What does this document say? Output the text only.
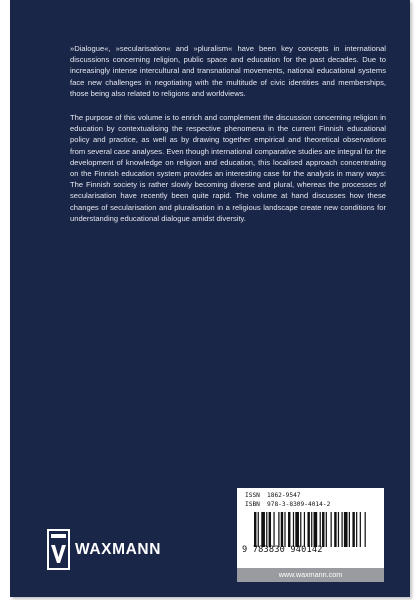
»Dialogue«, »secularisation« and »pluralism« have been key concepts in international discussions concerning religion, public space and education for the past decades. Due to increasingly intense intercultural and transnational movements, national educational systems face new challenges in negotiating with the multitude of civic identities and memberships, those being also related to religions and worldviews.

The purpose of this volume is to enrich and complement the discussion concerning religion in education by contextualising the respective phenomena in the current Finnish educational policy and practice, as well as by drawing together empirical and theoretical observations from several case analyses. Even though international comparative studies are integral for the development of knowledge on religion and education, this localised approach concentrating on the Finnish education system provides an interesting case for the analysis in many ways: The Finnish society is rather slowly becoming diverse and plural, whereas the processes of secularisation have recently been quite rapid. The volume at hand discusses how these changes of secularisation and pluralisation in a religious landscape create new conditions for understanding educational dialogue amidst diversity.

WAXMANN
ISSN 1862-9547
ISBN 978-3-8309-4014-2
9 783830 940142
www.waxmann.com
